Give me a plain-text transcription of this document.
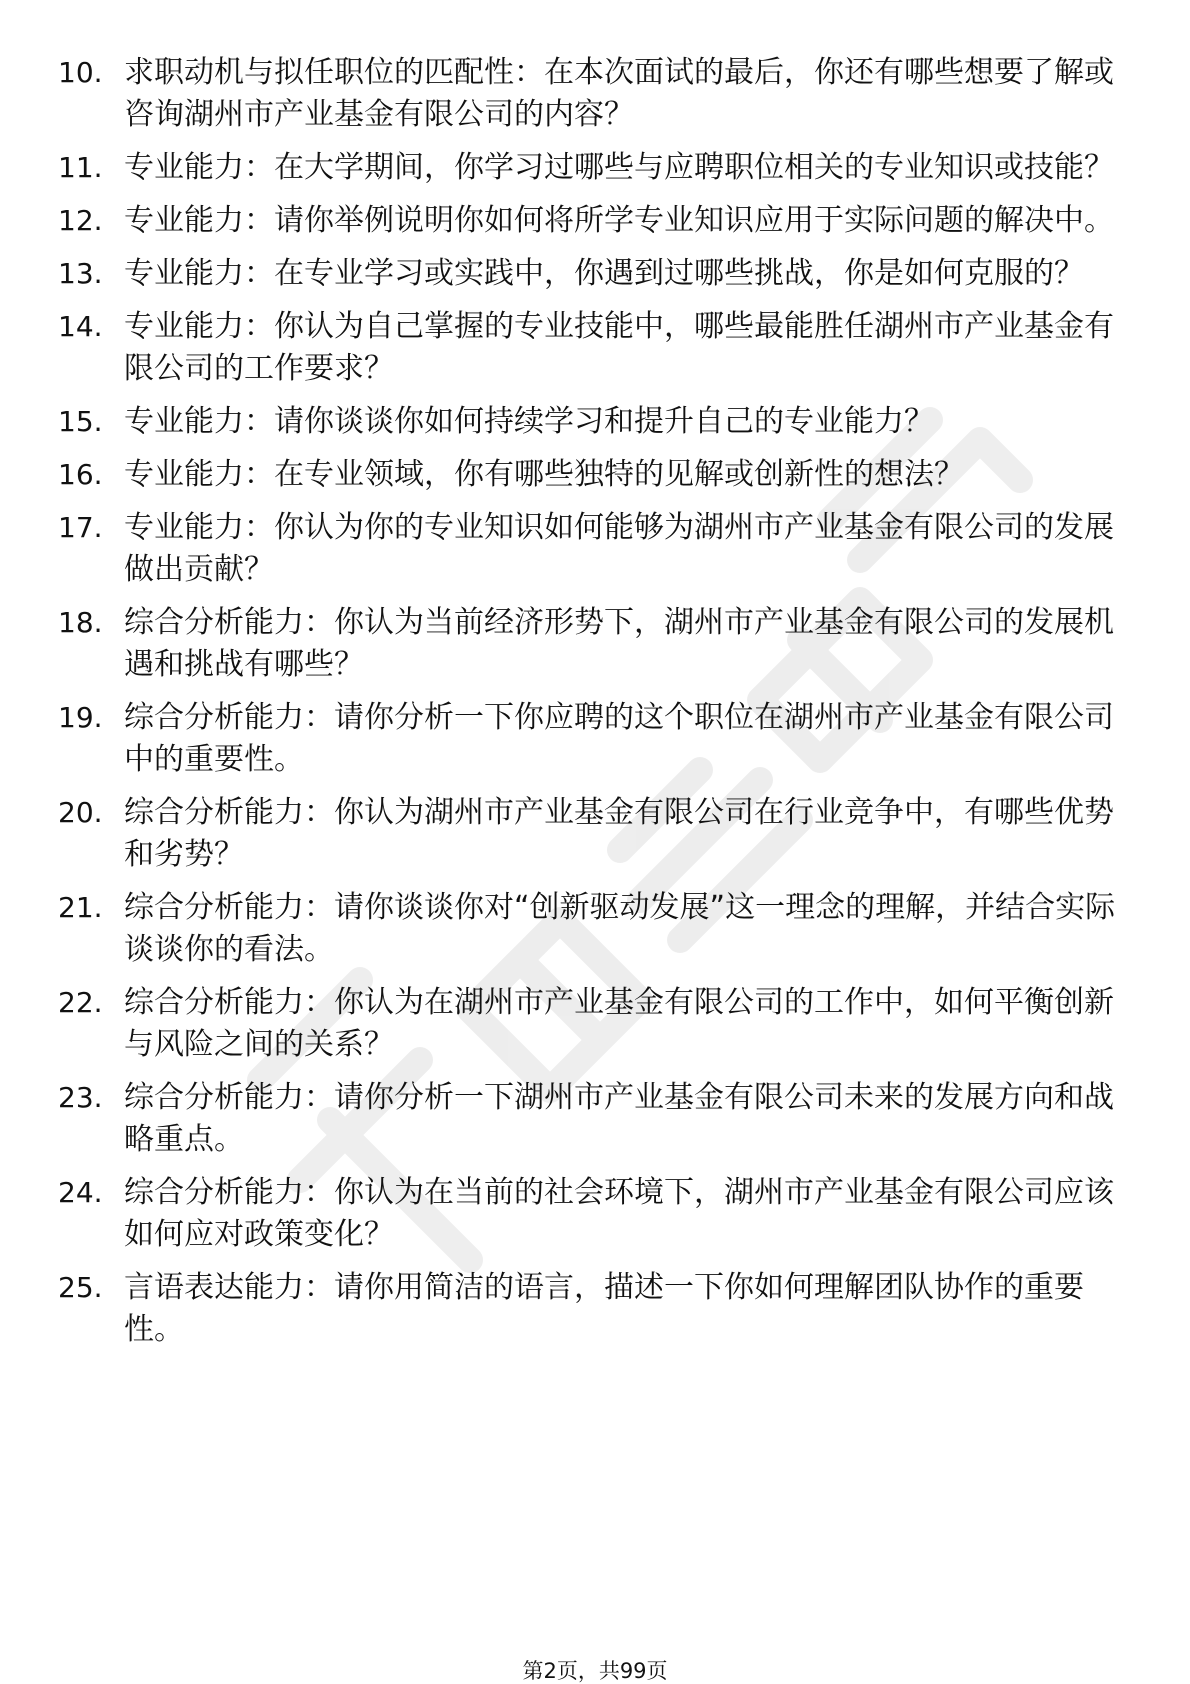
10. 求职动机与拟任职位的匹配性：在本次面试的最后，你还有哪些想要了解或咨询湖州市产业基金有限公司的内容？
11. 专业能力：在大学期间，你学习过哪些与应聘职位相关的专业知识或技能？
12. 专业能力：请你举例说明你如何将所学专业知识应用于实际问题的解决中。
13. 专业能力：在专业学习或实践中，你遇到过哪些挑战，你是如何克服的？
14. 专业能力：你认为自己掌握的专业技能中，哪些最能胜任湖州市产业基金有限公司的工作要求？
15. 专业能力：请你谈谈你如何持续学习和提升自己的专业能力？
16. 专业能力：在专业领域，你有哪些独特的见解或创新性的想法？
17. 专业能力：你认为你的专业知识如何能够为湖州市产业基金有限公司的发展做出贡献？
18. 综合分析能力：你认为当前经济形势下，湖州市产业基金有限公司的发展机遇和挑战有哪些？
19. 综合分析能力：请你分析一下你应聘的这个职位在湖州市产业基金有限公司中的重要性。
20. 综合分析能力：你认为湖州市产业基金有限公司在行业竞争中，有哪些优势和劣势？
21. 综合分析能力：请你谈谈你对“创新驱动发展”这一理念的理解，并结合实际谈谈你的看法。
22. 综合分析能力：你认为在湖州市产业基金有限公司的工作中，如何平衡创新与风险之间的关系？
23. 综合分析能力：请你分析一下湖州市产业基金有限公司未来的发展方向和战略重点。
24. 综合分析能力：你认为在当前的社会环境下，湖州市产业基金有限公司应该如何应对政策变化？
25. 言语表达能力：请你用简洁的语言，描述一下你如何理解团队协作的重要性。
第2页，共99页
